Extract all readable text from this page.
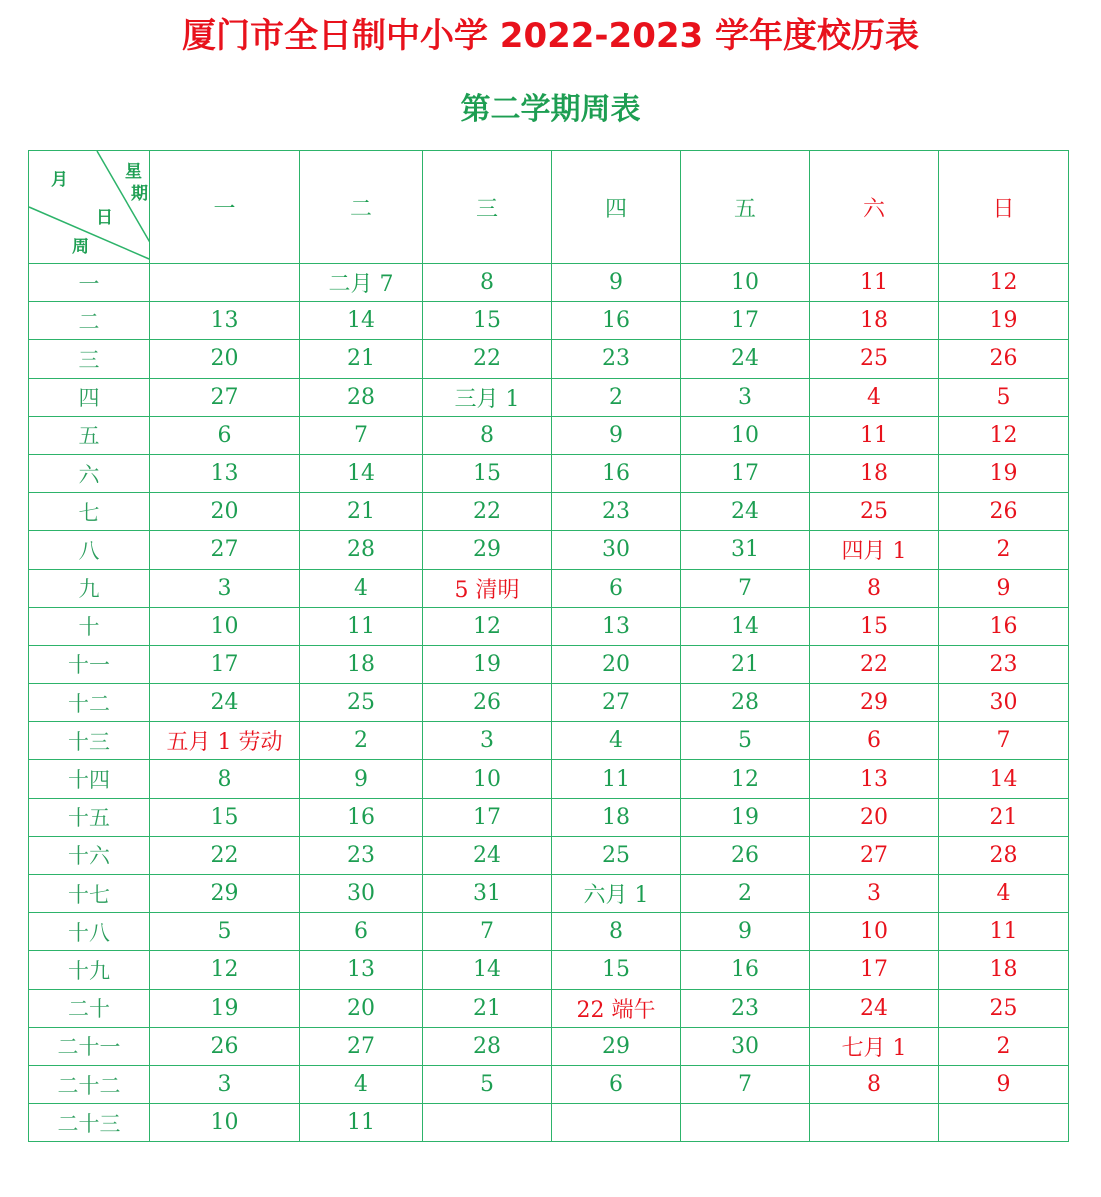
厦门市全日制中小学 2022-2023 学年度校历表
第二学期周表
月 星
期
日
周	一	二	三	四	五	六	日
一		二月 7	8	9	10	11	12
二	13	14	15	16	17	18	19
三	20	21	22	23	24	25	26
四	27	28	三月 1	2	3	4	5
五	6	7	8	9	10	11	12
六	13	14	15	16	17	18	19
七	20	21	22	23	24	25	26
八	27	28	29	30	31	四月 1	2
九	3	4	5 清明	6	7	8	9
十	10	11	12	13	14	15	16
十一	17	18	19	20	21	22	23
十二	24	25	26	27	28	29	30
十三	五月 1 劳动	2	3	4	5	6	7
十四	8	9	10	11	12	13	14
十五	15	16	17	18	19	20	21
十六	22	23	24	25	26	27	28
十七	29	30	31	六月 1	2	3	4
十八	5	6	7	8	9	10	11
十九	12	13	14	15	16	17	18
二十	19	20	21	22 端午	23	24	25
二十一	26	27	28	29	30	七月 1	2
二十二	3	4	5	6	7	8	9
二十三	10	11					
